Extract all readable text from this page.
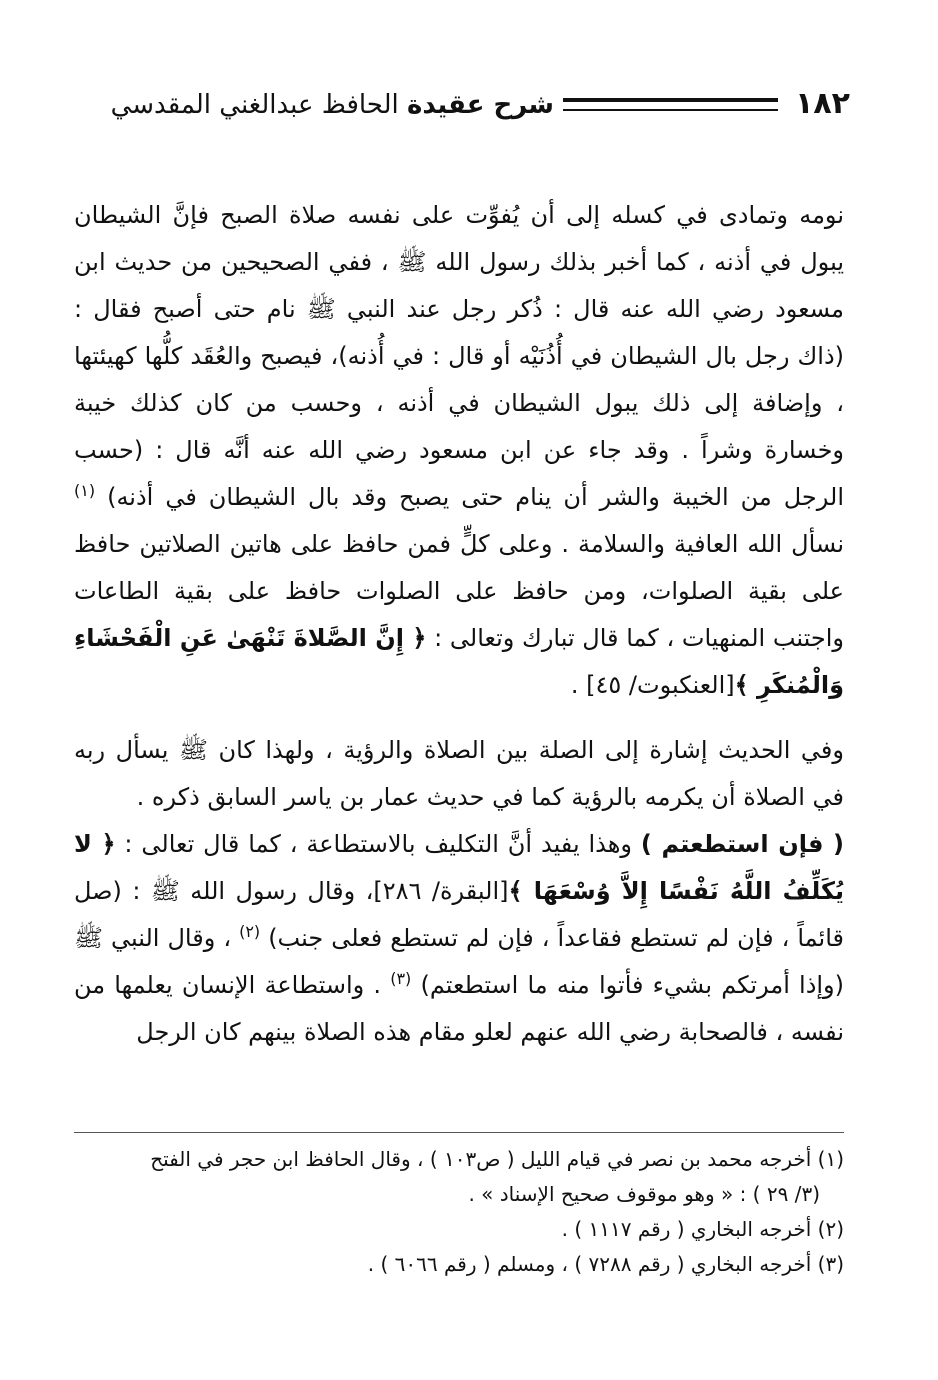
١٨٢
شرح عقيدة الحافظ عبدالغني المقدسي

نومه وتمادى في كسله إلى أن يُفوِّت على نفسه صلاة الصبح فإنَّ الشيطان يبول في أذنه ، كما أخبر بذلك رسول الله ﷺ ، ففي الصحيحين من حديث ابن مسعود رضي الله عنه قال : ذُكر رجل عند النبي ﷺ نام حتى أصبح فقال : (ذاك رجل بال الشيطان في أُذُنَيْه أو قال : في أُذنه)، فيصبح والعُقَد كلُّها كهيئتها ، وإضافة إلى ذلك يبول الشيطان في أذنه ، وحسب من كان كذلك خيبة وخسارة وشراً . وقد جاء عن ابن مسعود رضي الله عنه أنَّه قال : (حسب الرجل من الخيبة والشر أن ينام حتى يصبح وقد بال الشيطان في أذنه) $^{(١)}$ نسأل الله العافية والسلامة . وعلى كلٍّ فمن حافظ على هاتين الصلاتين حافظ على بقية الصلوات، ومن حافظ على الصلوات حافظ على بقية الطاعات واجتنب المنهيات ، كما قال تبارك وتعالى : ﴿ إِنَّ الصَّلاةَ تَنْهَىٰ عَنِ الْفَحْشَاءِ وَالْمُنكَرِ ﴾[العنكبوت/ ٤٥] .

وفي الحديث إشارة إلى الصلة بين الصلاة والرؤية ، ولهذا كان ﷺ يسأل ربه في الصلاة أن يكرمه بالرؤية كما في حديث عمار بن ياسر السابق ذكره .

( فإن استطعتم ) وهذا يفيد أنَّ التكليف بالاستطاعة ، كما قال تعالى : ﴿ لا يُكَلِّفُ اللَّهُ نَفْسًا إِلاَّ وُسْعَهَا ﴾[البقرة/ ٢٨٦]، وقال رسول الله ﷺ : (صل قائماً ، فإن لم تستطع فقاعداً ، فإن لم تستطع فعلى جنب) $^{(٢)}$ ، وقال النبي ﷺ (وإذا أمرتكم بشيء فأتوا منه ما استطعتم) $^{(٣)}$ . واستطاعة الإنسان يعلمها من نفسه ، فالصحابة رضي الله عنهم لعلو مقام هذه الصلاة بينهم كان الرجل

(١) أخرجه محمد بن نصر في قيام الليل ( ص١٠٣ ) ، وقال الحافظ ابن حجر في الفتح

(٣/ ٢٩ ) : « وهو موقوف صحيح الإسناد » .

(٢) أخرجه البخاري ( رقم ١١١٧ ) .

(٣) أخرجه البخاري ( رقم ٧٢٨٨ ) ، ومسلم ( رقم ٦٠٦٦ ) .
